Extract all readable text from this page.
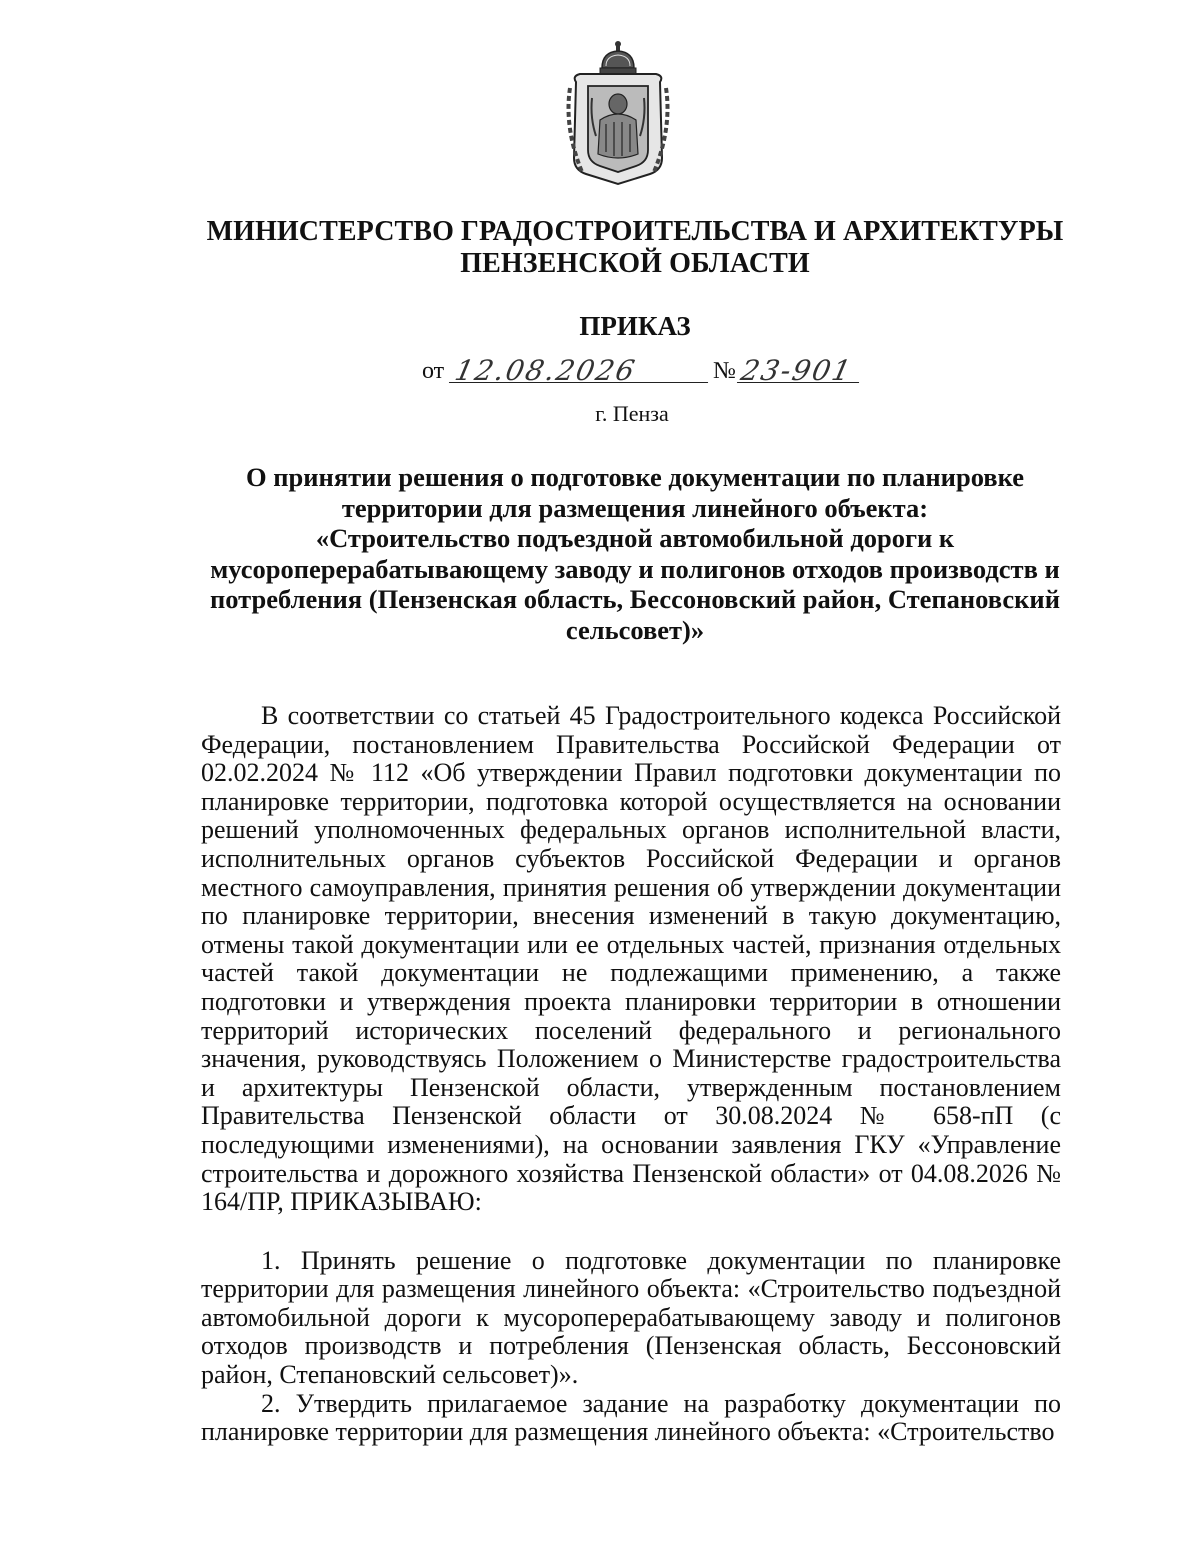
МИНИСТЕРСТВО ГРАДОСТРОИТЕЛЬСТВА И АРХИТЕКТУРЫ
ПЕНЗЕНСКОЙ ОБЛАСТИ
ПРИКАЗ
от 12.08.2026	№ 23-901
г. Пенза
О принятии решения о подготовке документации по планировке
территории для размещения линейного объекта:
«Строительство подъездной автомобильной дороги к
мусороперерабатывающему заводу и полигонов отходов производств и
потребления (Пензенская область, Бессоновский район, Степановский
сельсовет)»

В соответствии со статьей 45 Градостроительного кодекса Российской Федерации, постановлением Правительства Российской Федерации от 02.02.2024 № 112 «Об утверждении Правил подготовки документации по планировке территории, подготовка которой осуществляется на основании решений уполномоченных федеральных органов исполнительной власти, исполнительных органов субъектов Российской Федерации и органов местного самоуправления, принятия решения об утверждении документации по планировке территории, внесения изменений в такую документацию, отмены такой документации или ее отдельных частей, признания отдельных частей такой документации не подлежащими применению, а также подготовки и утверждения проекта планировки территории в отношении территорий исторических поселений федерального и регионального значения, руководствуясь Положением о Министерстве градостроительства и архитектуры Пензенской области, утвержденным постановлением Правительства Пензенской области от 30.08.2024 № 658-пП (с последующими изменениями), на основании заявления ГКУ «Управление строительства и дорожного хозяйства Пензенской области» от 04.08.2026 № 164/ПР, ПРИКАЗЫВАЮ:

1. Принять решение о подготовке документации по планировке территории для размещения линейного объекта: «Строительство подъездной автомобильной дороги к мусороперерабатывающему заводу и полигонов отходов производств и потребления (Пензенская область, Бессоновский район, Степановский сельсовет)».

2. Утвердить прилагаемое задание на разработку документации по планировке территории для размещения линейного объекта: «Строительство
